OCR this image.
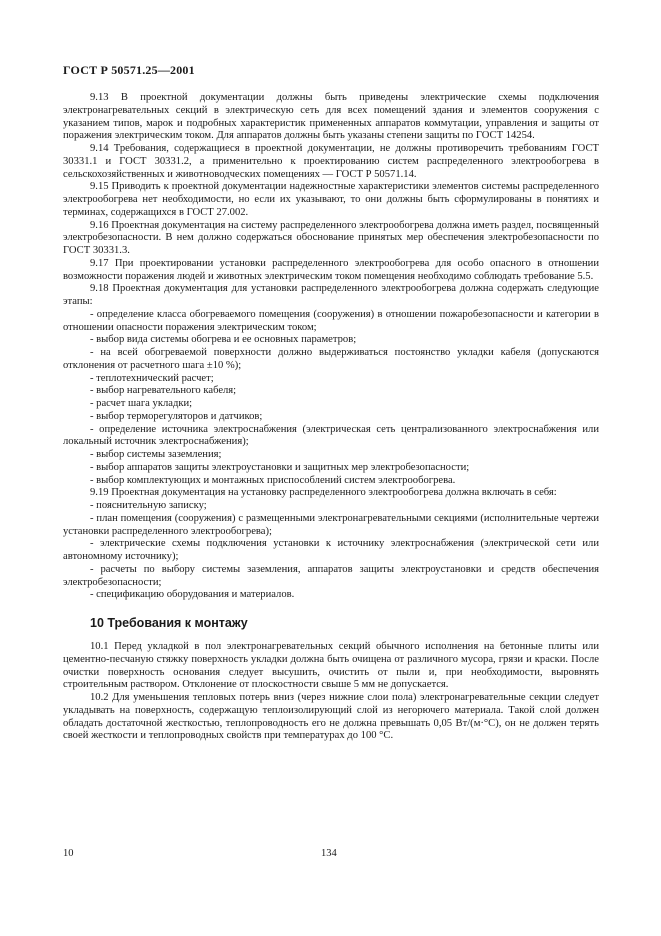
ГОСТ Р 50571.25—2001

9.13 В проектной документации должны быть приведены электрические схемы подключения электронагревательных секций в электрическую сеть для всех помещений здания и элементов сооружения с указанием типов, марок и подробных характеристик примененных аппаратов коммутации, управления и защиты от поражения электрическим током. Для аппаратов должны быть указаны степени защиты по ГОСТ 14254.

9.14 Требования, содержащиеся в проектной документации, не должны противоречить требованиям ГОСТ 30331.1 и ГОСТ 30331.2, а применительно к проектированию систем распределенного электрообогрева в сельскохозяйственных и животноводческих помещениях — ГОСТ Р 50571.14.

9.15 Приводить к проектной документации надежностные характеристики элементов системы распределенного электрообогрева нет необходимости, но если их указывают, то они должны быть сформулированы в понятиях и терминах, содержащихся в ГОСТ 27.002.

9.16 Проектная документация на систему распределенного электрообогрева должна иметь раздел, посвященный электробезопасности. В нем должно содержаться обоснование принятых мер обеспечения электробезопасности по ГОСТ 30331.3.

9.17 При проектировании установки распределенного электрообогрева для особо опасного в отношении возможности поражения людей и животных электрическим током помещения необходимо соблюдать требование 5.5.

9.18 Проектная документация для установки распределенного электрообогрева должна содержать следующие этапы:

- определение класса обогреваемого помещения (сооружения) в отношении пожаробезопасности и категории в отношении опасности поражения электрическим током;

- выбор вида системы обогрева и ее основных параметров;

- на всей обогреваемой поверхности должно выдерживаться постоянство укладки кабеля (допускаются отклонения от расчетного шага ±10 %);

- теплотехнический расчет;

- выбор нагревательного кабеля;

- расчет шага укладки;

- выбор терморегуляторов и датчиков;

- определение источника электроснабжения (электрическая сеть централизованного электроснабжения или локальный источник электроснабжения);

- выбор системы заземления;

- выбор аппаратов защиты электроустановки и защитных мер электробезопасности;

- выбор комплектующих и монтажных приспособлений систем электрообогрева.

9.19 Проектная документация на установку распределенного электрообогрева должна включать в себя:

- пояснительную записку;

- план помещения (сооружения) с размещенными электронагревательными секциями (исполнительные чертежи установки распределенного электрообогрева);

- электрические схемы подключения установки к источнику электроснабжения (электрической сети или автономному источнику);

- расчеты по выбору системы заземления, аппаратов защиты электроустановки и средств обеспечения электробезопасности;

- спецификацию оборудования и материалов.

10 Требования к монтажу

10.1 Перед укладкой в пол электронагревательных секций обычного исполнения на бетонные плиты или цементно-песчаную стяжку поверхность укладки должна быть очищена от различного мусора, грязи и краски. После очистки поверхность основания следует высушить, очистить от пыли и, при необходимости, выровнять строительным раствором. Отклонение от плоскостности свыше 5 мм не допускается.

10.2 Для уменьшения тепловых потерь вниз (через нижние слои пола) электронагревательные секции следует укладывать на поверхность, содержащую теплоизолирующий слой из негорючего материала. Такой слой должен обладать достаточной жесткостью, теплопроводность его не должна превышать 0,05 Вт/(м·°С), он не должен терять своей жесткости и теплопроводных свойств при температурах до 100 °С.

10	134
